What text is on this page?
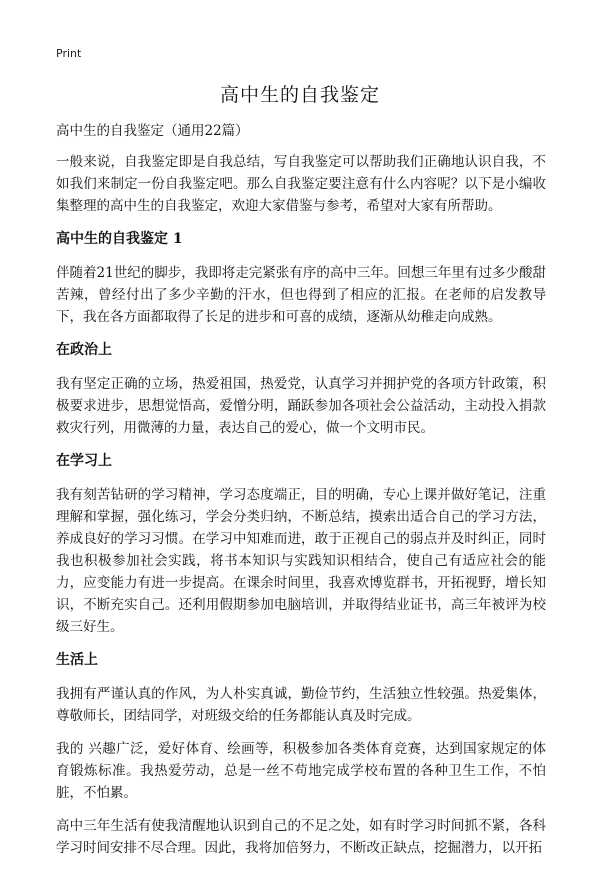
Print
高中生的自我鉴定

高中生的自我鉴定（通用22篇）

一般来说，自我鉴定即是自我总结，写自我鉴定可以帮助我们正确地认识自我，不如我们来制定一份自我鉴定吧。那么自我鉴定要注意有什么内容呢？以下是小编收集整理的高中生的自我鉴定，欢迎大家借鉴与参考，希望对大家有所帮助。

高中生的自我鉴定 1

伴随着21世纪的脚步，我即将走完紧张有序的高中三年。回想三年里有过多少酸甜苦辣，曾经付出了多少辛勤的汗水，但也得到了相应的汇报。在老师的启发教导下，我在各方面都取得了长足的进步和可喜的成绩，逐渐从幼稚走向成熟。

在政治上

我有坚定正确的立场，热爱祖国，热爱党，认真学习并拥护党的各项方针政策，积极要求进步，思想觉悟高，爱憎分明，踊跃参加各项社会公益活动，主动投入捐款救灾行列，用微薄的力量，表达自己的爱心，做一个文明市民。

在学习上

我有刻苦钻研的学习精神，学习态度端正，目的明确，专心上课并做好笔记，注重理解和掌握，强化练习，学会分类归纳，不断总结，摸索出适合自己的学习方法，养成良好的学习习惯。在学习中知难而进，敢于正视自己的弱点并及时纠正，同时我也积极参加社会实践，将书本知识与实践知识相结合，使自己有适应社会的能力，应变能力有进一步提高。在课余时间里，我喜欢博览群书，开拓视野，增长知识，不断充实自己。还利用假期参加电脑培训，并取得结业证书，高三年被评为校级三好生。

生活上

我拥有严谨认真的作风，为人朴实真诚，勤俭节约，生活独立性较强。热爱集体，尊敬师长，团结同学，对班级交给的任务都能认真及时完成。

我的 兴趣广泛，爱好体育、绘画等，积极参加各类体育竞赛，达到国家规定的体育锻炼标准。我热爱劳动，总是一丝不苟地完成学校布置的各种卫生工作，不怕脏，不怕累。

高中三年生活有使我清醒地认识到自己的不足之处，如有时学习时间抓不紧，各科学习时间安排不尽合理。因此，我将加倍努力，不断改正缺点，挖掘潜力，以开拓
